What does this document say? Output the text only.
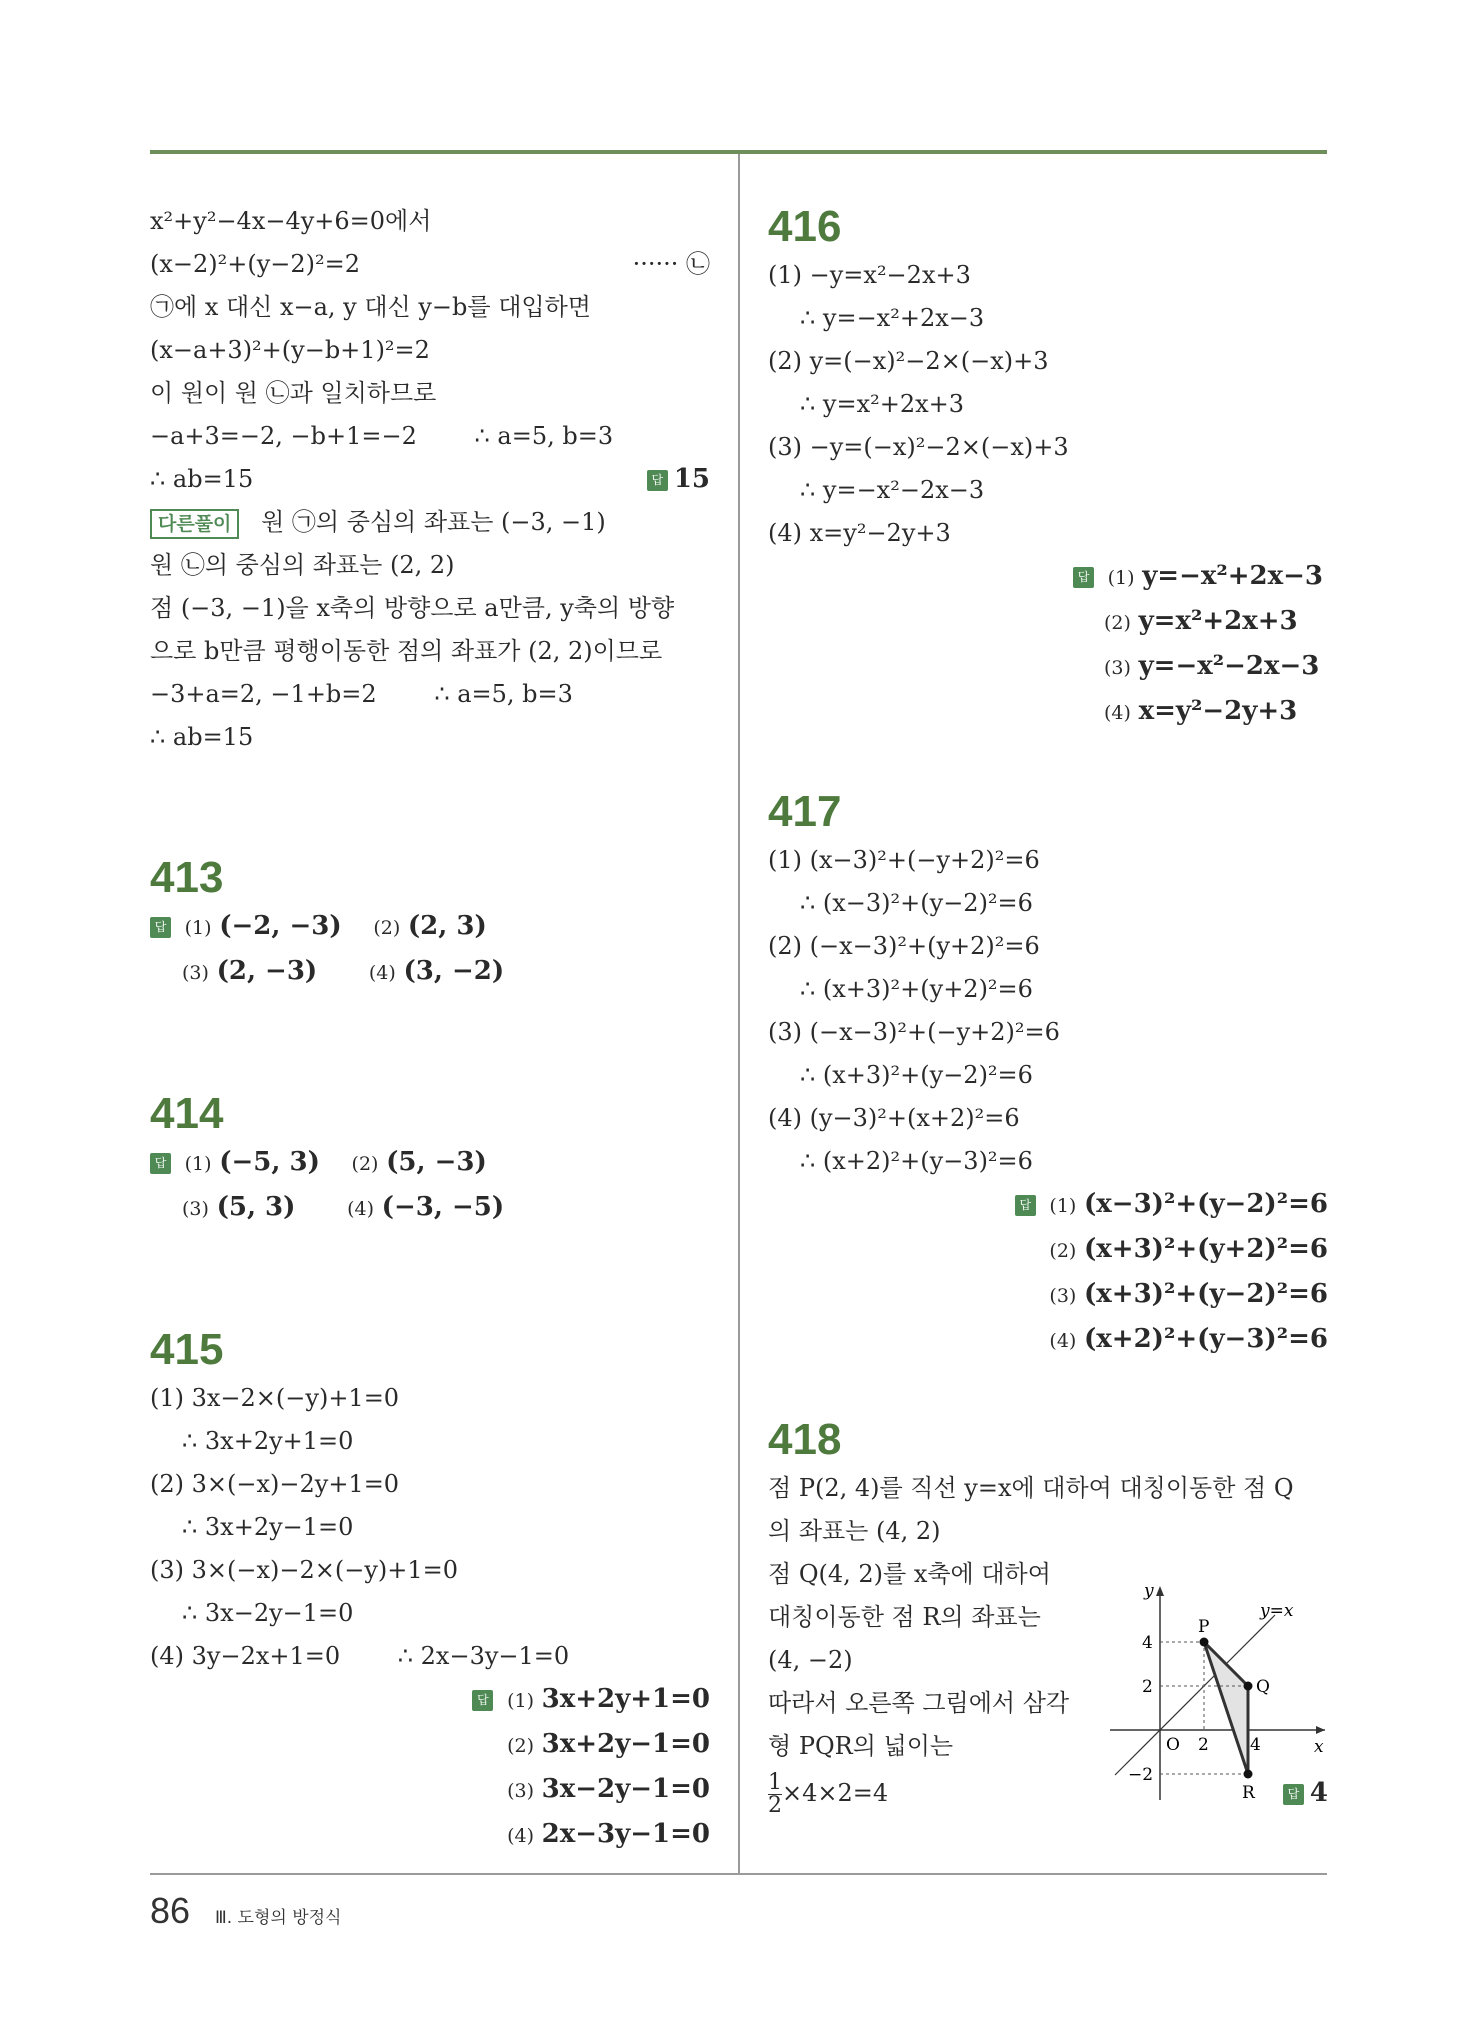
x²+y²−4x−4y+6=0에서
(x−2)²+(y−2)²=2	······ ㉡
㉠에 x 대신 x−a, y 대신 y−b를 대입하면
(x−a+3)²+(y−b+1)²=2
이 원이 원 ㉡과 일치하므로
−a+3=−2, −b+1=−2 ∴ a=5, b=3
∴ ab=15	답 15
다른풀이 원 ㉠의 중심의 좌표는 (−3, −1)
원 ㉡의 중심의 좌표는 (2, 2)
점 (−3, −1)을 x축의 방향으로 a만큼, y축의 방향
으로 b만큼 평행이동한 점의 좌표가 (2, 2)이므로
−3+a=2, −1+b=2 ∴ a=5, b=3
∴ ab=15
413
답 (1) (−2, −3) (2) (2, 3)
(3) (2, −3)	(4) (3, −2)
414
답 (1) (−5, 3) (2) (5, −3)
(3) (5, 3)	(4) (−3, −5)
415
(1) 3x−2×(−y)+1=0
∴ 3x+2y+1=0
(2) 3×(−x)−2y+1=0
∴ 3x+2y−1=0
(3) 3×(−x)−2×(−y)+1=0
∴ 3x−2y−1=0
(4) 3y−2x+1=0 ∴ 2x−3y−1=0
답 (1) 3x+2y+1=0
(2) 3x+2y−1=0
(3) 3x−2y−1=0
(4) 2x−3y−1=0
416
(1) −y=x²−2x+3
∴ y=−x²+2x−3
(2) y=(−x)²−2×(−x)+3
∴ y=x²+2x+3
(3) −y=(−x)²−2×(−x)+3
∴ y=−x²−2x−3
(4) x=y²−2y+3
답 (1) y=−x²+2x−3
(2) y=x²+2x+3
(3) y=−x²−2x−3
(4) x=y²−2y+3
417
(1) (x−3)²+(−y+2)²=6
∴ (x−3)²+(y−2)²=6
(2) (−x−3)²+(y+2)²=6
∴ (x+3)²+(y+2)²=6
(3) (−x−3)²+(−y+2)²=6
∴ (x+3)²+(y−2)²=6
(4) (y−3)²+(x+2)²=6
∴ (x+2)²+(y−3)²=6
답 (1) (x−3)²+(y−2)²=6
(2) (x+3)²+(y+2)²=6
(3) (x+3)²+(y−2)²=6
(4) (x+2)²+(y−3)²=6
418
점 P(2, 4)를 직선 y=x에 대하여 대칭이동한 점 Q
의 좌표는 (4, 2)
점 Q(4, 2)를 x축에 대하여
대칭이동한 점 R의 좌표는
(4, −2)
따라서 오른쪽 그림에서 삼각
형 PQR의 넓이는
$\frac{1}{2} \times 4\times 2=4$	답 4
y
x
O
y=x
P
Q
R
4
2
−2
2 4
86 Ⅲ. 도형의 방정식
